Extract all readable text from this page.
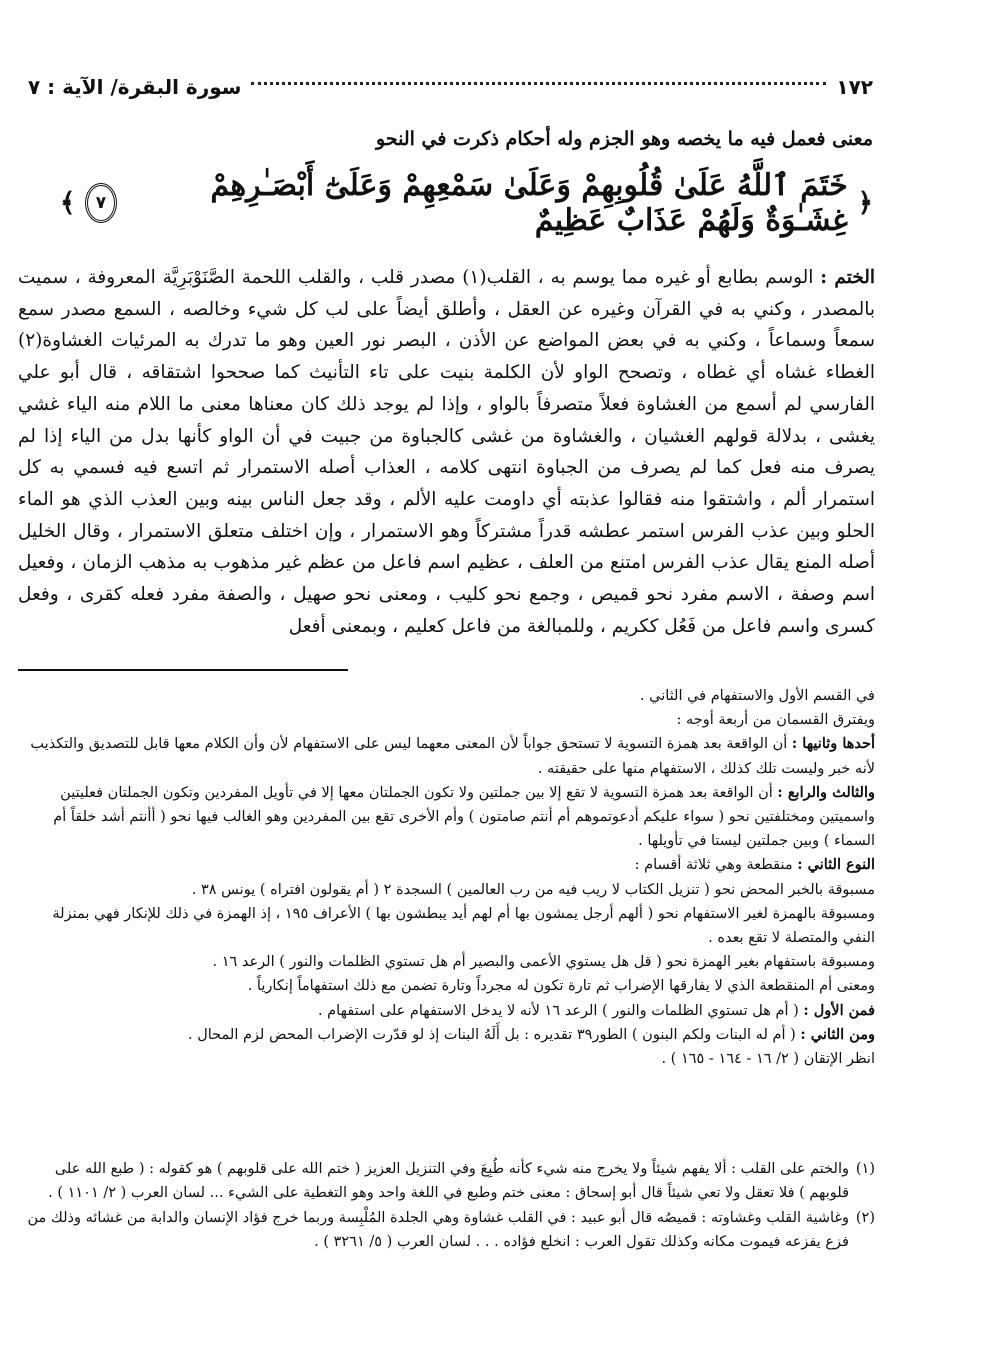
١٧٢
سورة البقرة/ الآية : ٧
معنى فعمل فيه ما يخصه وهو الجزم وله أحكام ذكرت في النحو
﴿
خَتَمَ ٱللَّهُ عَلَىٰ قُلُوبِهِمْ وَعَلَىٰ سَمْعِهِمْ وَعَلَىٰٓ أَبْصَـٰرِهِمْ غِشَـٰوَةٌ وَلَهُمْ عَذَابٌ عَظِيمٌ
٧
﴾

الختم : الوسم بطابع أو غيره مما يوسم به ، القلب(١) مصدر قلب ، والقلب اللحمة الصَّنَوْبَرِيَّة المعروفة ، سميت بالمصدر ، وكني به في القرآن وغيره عن العقل ، وأطلق أيضاً على لب كل شيء وخالصه ، السمع مصدر سمع سمعاً وسماعاً ، وكني به في بعض المواضع عن الأذن ، البصر نور العين وهو ما تدرك به المرئيات الغشاوة(٢) الغطاء غشاه أي غطاه ، وتصحح الواو لأن الكلمة بنيت على تاء التأنيث كما صححوا اشتقاقه ، قال أبو علي الفارسي لم أسمع من الغشاوة فعلاً متصرفاً بالواو ، وإذا لم يوجد ذلك كان معناها معنى ما اللام منه الياء غشي يغشى ، بدلالة قولهم الغشيان ، والغشاوة من غشى كالجباوة من جبيت في أن الواو كأنها بدل من الياء إذا لم يصرف منه فعل كما لم يصرف من الجباوة انتهى كلامه ، العذاب أصله الاستمرار ثم اتسع فيه فسمي به كل استمرار ألم ، واشتقوا منه فقالوا عذبته أي داومت عليه الألم ، وقد جعل الناس بينه وبين العذب الذي هو الماء الحلو وبين عذب الفرس استمر عطشه قدراً مشتركاً وهو الاستمرار ، وإن اختلف متعلق الاستمرار ، وقال الخليل أصله المنع يقال عذب الفرس امتنع من العلف ، عظيم اسم فاعل من عظم غير مذهوب به مذهب الزمان ، وفعيل اسم وصفة ، الاسم مفرد نحو قميص ، وجمع نحو كليب ، ومعنى نحو صهيل ، والصفة مفرد فعله كقرى ، وفعل كسرى واسم فاعل من فَعُل ككريم ، وللمبالغة من فاعل كعليم ، وبمعنى أفعل

في القسم الأول والاستفهام في الثاني .

ويفترق القسمان من أربعة أوجه :

أحدها وثانيها : أن الواقعة بعد همزة التسوية لا تستحق جواباً لأن المعنى معهما ليس على الاستفهام لأن وأن الكلام معها قابل للتصديق والتكذيب لأنه خبر وليست تلك كذلك ، الاستفهام منها على حقيقته .

والثالث والرابع : أن الواقعة بعد همزة التسوية لا تقع إلا بين جملتين ولا تكون الجملتان معها إلا في تأويل المفردين وتكون الجملتان فعليتين واسميتين ومختلفتين نحو ( سواء عليكم أدعوتموهم أم أنتم صامتون ) وأم الأخرى تقع بين المفردين وهو الغالب فيها نحو ( أأنتم أشد خلقاً أم السماء ) وبين جملتين ليستا في تأويلها .

النوع الثاني : منقطعة وهي ثلاثة أقسام :

مسبوقة بالخبر المحض نحو ( تنزيل الكتاب لا ريب فيه من رب العالمين ) السجدة ٢ ( أم يقولون افتراه ) يونس ٣٨ .

ومسبوقة بالهمزة لغير الاستفهام نحو ( ألهم أرجل يمشون بها أم لهم أيد يبطشون بها ) الأعراف ١٩٥ ، إذ الهمزة في ذلك للإنكار فهي بمنزلة النفي والمتصلة لا تقع بعده .

ومسبوقة باستفهام بغير الهمزة نحو ( قل هل يستوي الأعمى والبصير أم هل تستوي الظلمات والنور ) الرعد ١٦ .

ومعنى أم المنقطعة الذي لا يفارقها الإضراب ثم تارة تكون له مجرداً وتارة تضمن مع ذلك استفهاماً إنكارياً .

فمن الأول : ( أم هل تستوي الظلمات والنور ) الرعد ١٦ لأنه لا يدخل الاستفهام على استفهام .

ومن الثاني : ( أم له البنات ولكم البنون ) الطور٣٩ تقديره : بل أَلَهُ البنات إذ لو قدّرت الإضراب المحض لزم المحال .

انظر الإتقان ( ٢/ ١٦ - ١٦٤ - ١٦٥ ) .

(١)
والختم على القلب : ألا يفهم شيئاً ولا يخرج منه شيء كأنه طُبِعَ وفي التنزيل العزيز ( ختم الله على قلوبهم ) هو كقوله : ( طبع الله على قلوبهم ) فلا تعقل ولا تعي شيئاً قال أبو إسحاق : معنى ختم وطبع في اللغة واحد وهو التغطية على الشيء ... لسان العرب ( ٢/ ١١٠١ ) .
(٢)
وغاشية القلب وغشاوته : قميصُه قال أبو عبيد : في القلب غشاوة وهي الجلدة المُلْبِسة وربما خرج فؤاد الإنسان والدابة من غشائه وذلك من فزع يفزعه فيموت مكانه وكذلك تقول العرب : انخلع فؤاده . . . لسان العرب ( ٥/ ٣٢٦١ ) .
